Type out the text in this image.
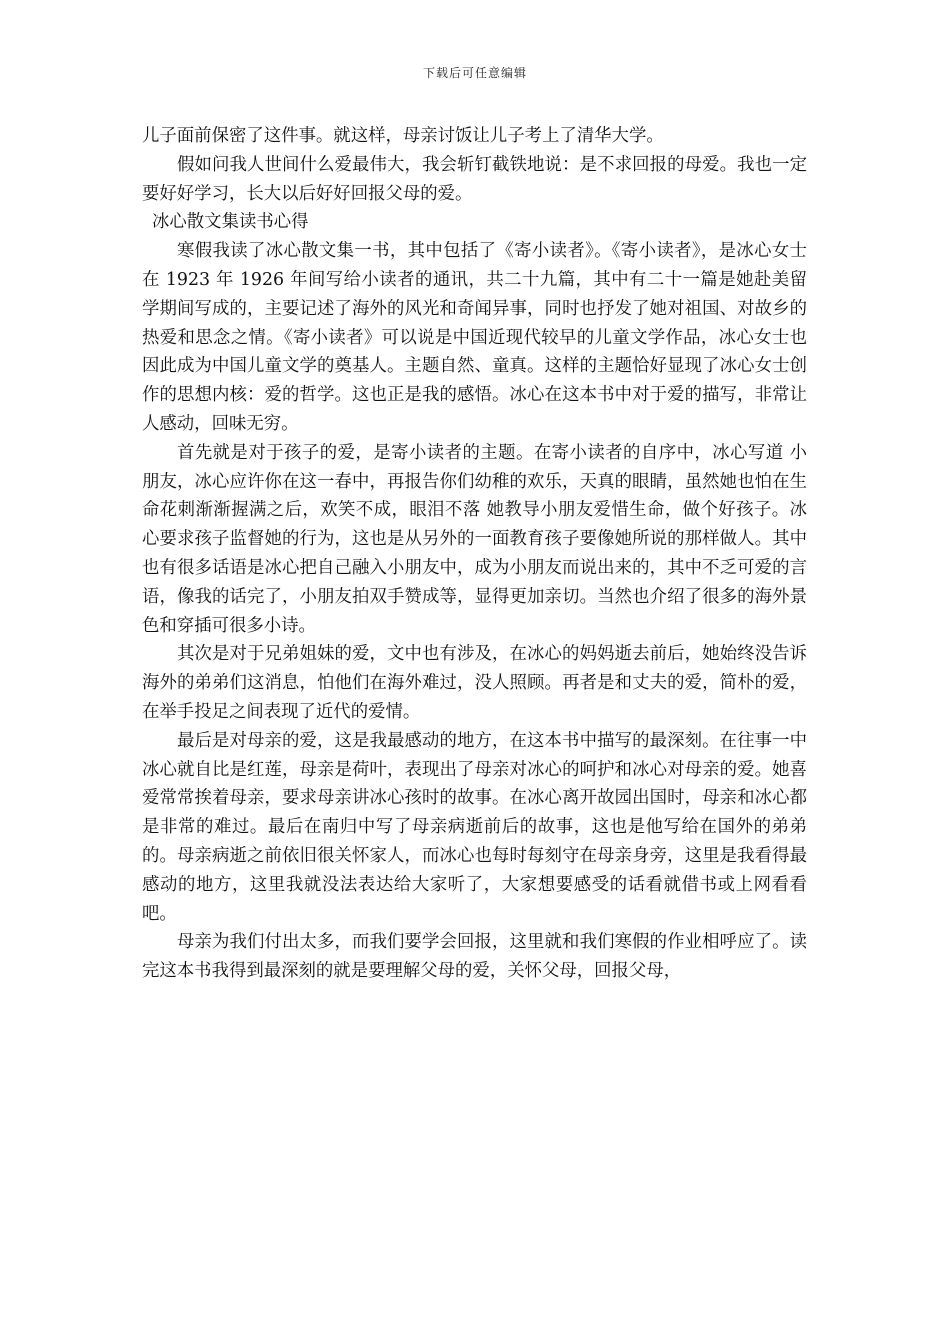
下载后可任意编辑

儿子面前保密了这件事。就这样，母亲讨饭让儿子考上了清华大学。

假如问我人世间什么爱最伟大，我会斩钉截铁地说：是不求回报的母爱。我也一定要好好学习，长大以后好好回报父母的爱。

冰心散文集读书心得

寒假我读了冰心散文集一书，其中包括了《寄小读者》。《寄小读者》，是冰心女士在 1923 年 1926 年间写给小读者的通讯，共二十九篇，其中有二十一篇是她赴美留学期间写成的，主要记述了海外的风光和奇闻异事，同时也抒发了她对祖国、对故乡的热爱和思念之情。《寄小读者》可以说是中国近现代较早的儿童文学作品，冰心女士也因此成为中国儿童文学的奠基人。主题自然、童真。这样的主题恰好显现了冰心女士创作的思想内核：爱的哲学。这也正是我的感悟。冰心在这本书中对于爱的描写，非常让人感动，回味无穷。

首先就是对于孩子的爱，是寄小读者的主题。在寄小读者的自序中，冰心写道 小朋友，冰心应许你在这一春中，再报告你们幼稚的欢乐，天真的眼睛，虽然她也怕在生命花刺渐渐握满之后，欢笑不成，眼泪不落 她教导小朋友爱惜生命，做个好孩子。冰心要求孩子监督她的行为，这也是从另外的一面教育孩子要像她所说的那样做人。其中也有很多话语是冰心把自己融入小朋友中，成为小朋友而说出来的，其中不乏可爱的言语，像我的话完了，小朋友拍双手赞成等，显得更加亲切。当然也介绍了很多的海外景色和穿插可很多小诗。

其次是对于兄弟姐妹的爱，文中也有涉及，在冰心的妈妈逝去前后，她始终没告诉海外的弟弟们这消息，怕他们在海外难过，没人照顾。再者是和丈夫的爱，简朴的爱，在举手投足之间表现了近代的爱情。

最后是对母亲的爱，这是我最感动的地方，在这本书中描写的最深刻。在往事一中冰心就自比是红莲，母亲是荷叶，表现出了母亲对冰心的呵护和冰心对母亲的爱。她喜爱常常挨着母亲，要求母亲讲冰心孩时的故事。在冰心离开故园出国时，母亲和冰心都是非常的难过。最后在南归中写了母亲病逝前后的故事，这也是他写给在国外的弟弟的。母亲病逝之前依旧很关怀家人，而冰心也每时每刻守在母亲身旁，这里是我看得最感动的地方，这里我就没法表达给大家听了，大家想要感受的话看就借书或上网看看吧。

母亲为我们付出太多，而我们要学会回报，这里就和我们寒假的作业相呼应了。读完这本书我得到最深刻的就是要理解父母的爱，关怀父母，回报父母，
